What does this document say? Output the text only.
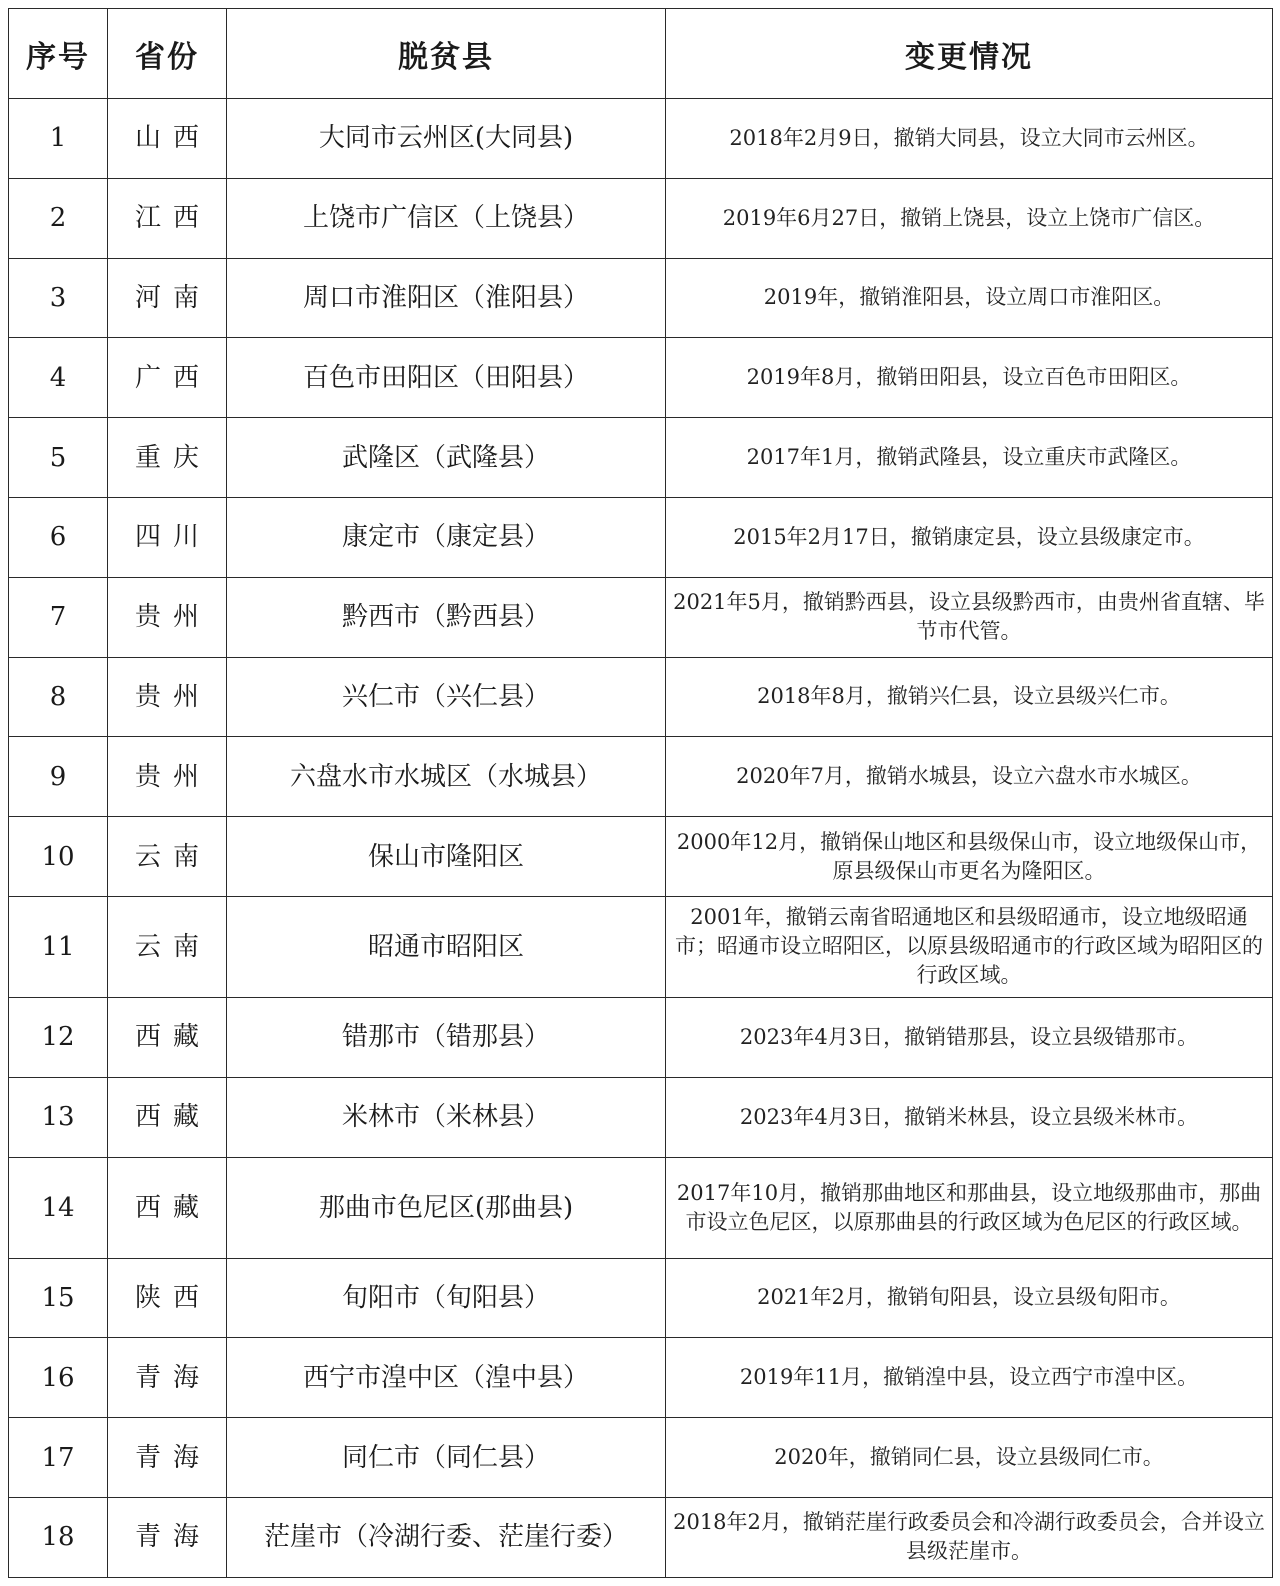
序号	省份	脱贫县	变更情况
1	山西	大同市云州区(大同县)	2018年2月9日，撤销大同县，设立大同市云州区。
2	江西	上饶市广信区（上饶县）	2019年6月27日，撤销上饶县，设立上饶市广信区。
3	河南	周口市淮阳区（淮阳县）	2019年，撤销淮阳县，设立周口市淮阳区。
4	广西	百色市田阳区（田阳县）	2019年8月，撤销田阳县，设立百色市田阳区。
5	重庆	武隆区（武隆县）	2017年1月，撤销武隆县，设立重庆市武隆区。
6	四川	康定市（康定县）	2015年2月17日，撤销康定县，设立县级康定市。
7	贵州	黔西市（黔西县）	2021年5月，撤销黔西县，设立县级黔西市，由贵州省直辖、毕节市代管。
8	贵州	兴仁市（兴仁县）	2018年8月，撤销兴仁县，设立县级兴仁市。
9	贵州	六盘水市水城区（水城县）	2020年7月，撤销水城县，设立六盘水市水城区。
10	云南	保山市隆阳区	2000年12月，撤销保山地区和县级保山市，设立地级保山市，原县级保山市更名为隆阳区。
11	云南	昭通市昭阳区	2001年，撤销云南省昭通地区和县级昭通市，设立地级昭通市；昭通市设立昭阳区，以原县级昭通市的行政区域为昭阳区的行政区域。
12	西藏	错那市（错那县）	2023年4月3日，撤销错那县，设立县级错那市。
13	西藏	米林市（米林县）	2023年4月3日，撤销米林县，设立县级米林市。
14	西藏	那曲市色尼区(那曲县)	2017年10月，撤销那曲地区和那曲县，设立地级那曲市，那曲市设立色尼区，以原那曲县的行政区域为色尼区的行政区域。
15	陕西	旬阳市（旬阳县）	2021年2月，撤销旬阳县，设立县级旬阳市。
16	青海	西宁市湟中区（湟中县）	2019年11月，撤销湟中县，设立西宁市湟中区。
17	青海	同仁市（同仁县）	2020年，撤销同仁县，设立县级同仁市。
18	青海	茫崖市（冷湖行委、茫崖行委）	2018年2月，撤销茫崖行政委员会和冷湖行政委员会，合并设立县级茫崖市。
